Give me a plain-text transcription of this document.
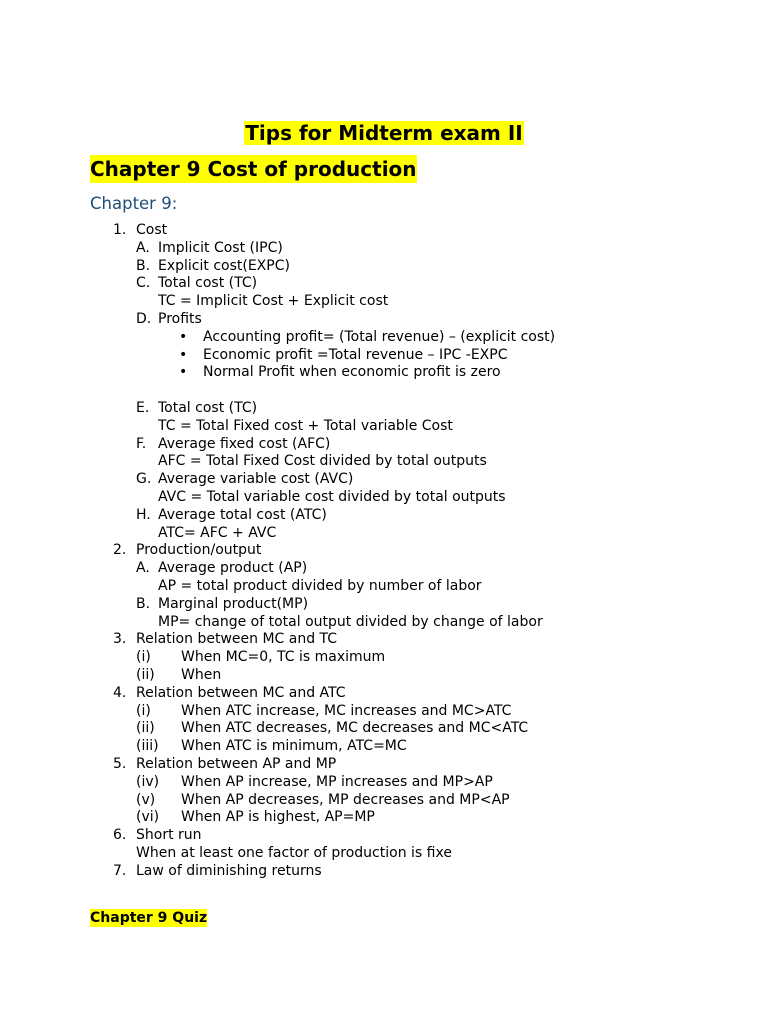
Tips for Midterm exam II
Chapter 9 Cost of production
Chapter 9:
1. Cost
A. Implicit Cost (IPC)
B. Explicit cost(EXPC)
C. Total cost (TC)
TC = Implicit Cost + Explicit cost
D. Profits
• Accounting profit= (Total revenue) – (explicit cost)
• Economic profit =Total revenue – IPC -EXPC
• Normal Profit when economic profit is zero
E. Total cost (TC)
TC = Total Fixed cost + Total variable Cost
F. Average fixed cost (AFC)
AFC = Total Fixed Cost divided by total outputs
G. Average variable cost (AVC)
AVC = Total variable cost divided by total outputs
H. Average total cost (ATC)
ATC= AFC + AVC
2. Production/output
A. Average product (AP)
AP = total product divided by number of labor
B. Marginal product(MP)
MP= change of total output divided by change of labor
3. Relation between MC and TC
(i) When MC=0, TC is maximum
(ii) When
4. Relation between MC and ATC
(i) When ATC increase, MC increases and MC>ATC
(ii) When ATC decreases, MC decreases and MC<ATC
(iii) When ATC is minimum, ATC=MC
5. Relation between AP and MP
(iv) When AP increase, MP increases and MP>AP
(v) When AP decreases, MP decreases and MP<AP
(vi) When AP is highest, AP=MP
6. Short run
When at least one factor of production is fixe
7. Law of diminishing returns
Chapter 9 Quiz
